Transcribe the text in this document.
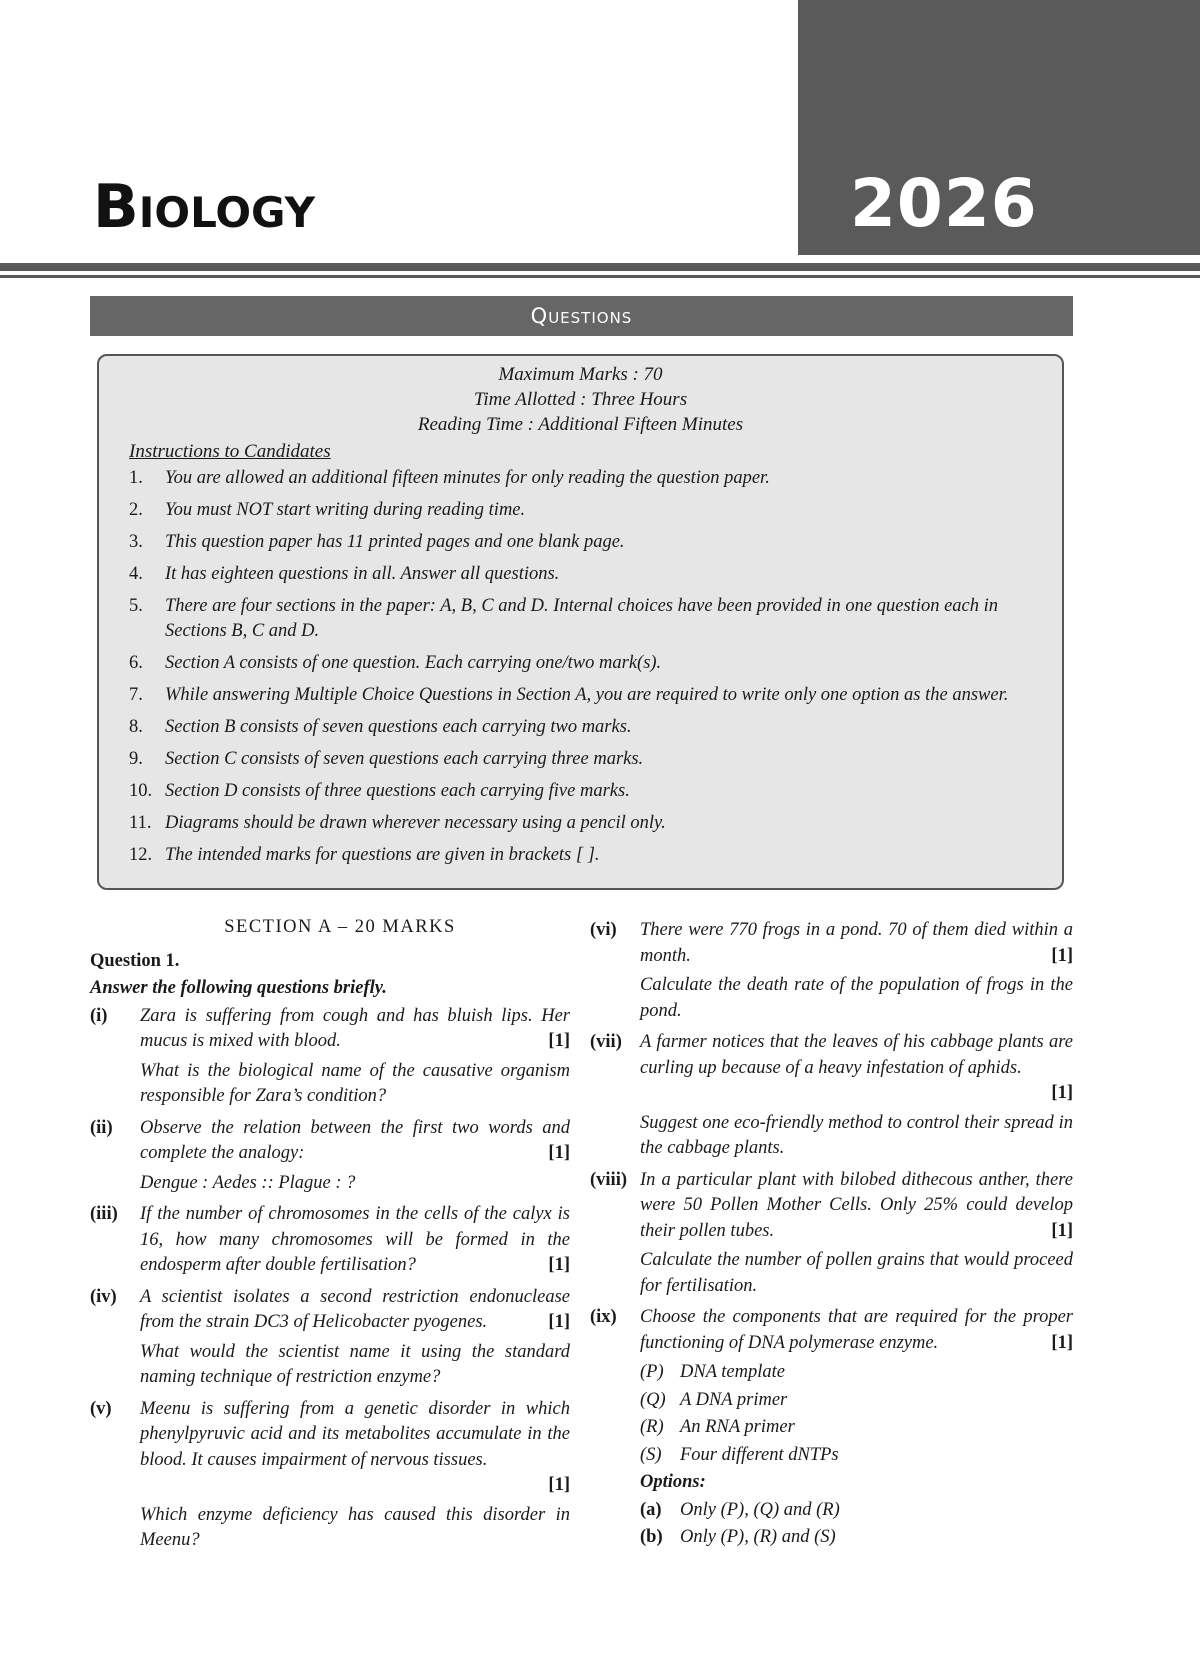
2026
Biology
Questions
Maximum Marks : 70
Time Allotted : Three Hours
Reading Time : Additional Fifteen Minutes
Instructions to Candidates
1.	You are allowed an additional fifteen minutes for only reading the question paper.
2.	You must NOT start writing during reading time.
3.	This question paper has 11 printed pages and one blank page.
4.	It has eighteen questions in all. Answer all questions.
5.	There are four sections in the paper: A, B, C and D. Internal choices have been provided in one question each in Sections B, C and D.
6.	Section A consists of one question. Each carrying one/two mark(s).
7.	While answering Multiple Choice Questions in Section A, you are required to write only one option as the answer.
8.	Section B consists of seven questions each carrying two marks.
9.	Section C consists of seven questions each carrying three marks.
10. Section D consists of three questions each carrying five marks.
11. Diagrams should be drawn wherever necessary using a pencil only.
12. The intended marks for questions are given in brackets [ ].
SECTION A – 20 MARKS
Question 1.
Answer the following questions briefly.
(i)	Zara is suffering from cough and has bluish lips. Her mucus is mixed with blood.	[1]
What is the biological name of the causative organism responsible for Zara’s condition?
(ii)	Observe the relation between the first two words and complete the analogy:	[1]
Dengue : Aedes :: Plague : ?
(iii)	If the number of chromosomes in the cells of the calyx is 16, how many chromosomes will be formed in the endosperm after double fertilisation?	[1]
(iv)	A scientist isolates a second restriction endonuclease from the strain DC3 of Helicobacter pyogenes.	[1]
What would the scientist name it using the standard naming technique of restriction enzyme?
(v)	Meenu is suffering from a genetic disorder in which phenylpyruvic acid and its metabolites accumulate in the blood. It causes impairment of nervous tissues.
[1]
Which enzyme deficiency has caused this disorder in Meenu?
(vi)	There were 770 frogs in a pond. 70 of them died within a month.	[1]
Calculate the death rate of the population of frogs in the pond.
(vii) A farmer notices that the leaves of his cabbage plants are curling up because of a heavy infestation of aphids.
[1]
Suggest one eco-friendly method to control their spread in the cabbage plants.
(viii) In a particular plant with bilobed dithecous anther, there were 50 Pollen Mother Cells. Only 25% could develop their pollen tubes.	[1]
Calculate the number of pollen grains that would proceed for fertilisation.
(ix)	Choose the components that are required for the proper functioning of DNA polymerase enzyme.	[1]
(P) DNA template
(Q) A DNA primer
(R) An RNA primer
(S) Four different dNTPs
Options:
(a) Only (P), (Q) and (R)
(b) Only (P), (R) and (S)
